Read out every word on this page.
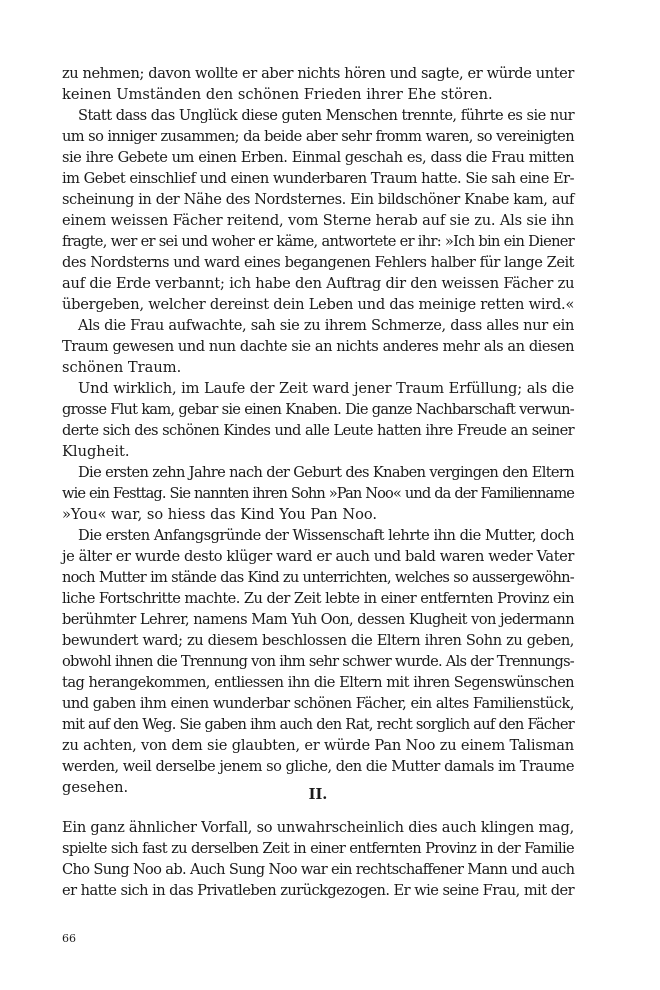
zu nehmen; davon wollte er aber nichts hören und sagte, er würde unter
keinen Umständen den schönen Frieden ihrer Ehe stören.
Statt dass das Unglück diese guten Menschen trennte, führte es sie nur
um so inniger zusammen; da beide aber sehr fromm waren, so vereinigten
sie ihre Gebete um einen Erben. Einmal geschah es, dass die Frau mitten
im Gebet einschlief und einen wunderbaren Traum hatte. Sie sah eine Er-
scheinung in der Nähe des Nordsternes. Ein bildschöner Knabe kam, auf
einem weissen Fächer reitend, vom Sterne herab auf sie zu. Als sie ihn
fragte, wer er sei und woher er käme, antwortete er ihr: »Ich bin ein Diener
des Nordsterns und ward eines begangenen Fehlers halber für lange Zeit
auf die Erde verbannt; ich habe den Auftrag dir den weissen Fächer zu
übergeben, welcher dereinst dein Leben und das meinige retten wird.«
Als die Frau aufwachte, sah sie zu ihrem Schmerze, dass alles nur ein
Traum gewesen und nun dachte sie an nichts anderes mehr als an diesen
schönen Traum.
Und wirklich, im Laufe der Zeit ward jener Traum Erfüllung; als die
grosse Flut kam, gebar sie einen Knaben. Die ganze Nachbarschaft verwun-
derte sich des schönen Kindes und alle Leute hatten ihre Freude an seiner
Klugheit.
Die ersten zehn Jahre nach der Geburt des Knaben vergingen den Eltern
wie ein Festtag. Sie nannten ihren Sohn »Pan Noo« und da der Familienname
»You« war, so hiess das Kind You Pan Noo.
Die ersten Anfangsgründe der Wissenschaft lehrte ihn die Mutter, doch
je älter er wurde desto klüger ward er auch und bald waren weder Vater
noch Mutter im stände das Kind zu unterrichten, welches so aussergewöhn-
liche Fortschritte machte. Zu der Zeit lebte in einer entfernten Provinz ein
berühmter Lehrer, namens Mam Yuh Oon, dessen Klugheit von jedermann
bewundert ward; zu diesem beschlossen die Eltern ihren Sohn zu geben,
obwohl ihnen die Trennung von ihm sehr schwer wurde. Als der Trennungs-
tag herangekommen, entliessen ihn die Eltern mit ihren Segenswünschen
und gaben ihm einen wunderbar schönen Fächer, ein altes Familienstück,
mit auf den Weg. Sie gaben ihm auch den Rat, recht sorglich auf den Fächer
zu achten, von dem sie glaubten, er würde Pan Noo zu einem Talisman
werden, weil derselbe jenem so gliche, den die Mutter damals im Traume
gesehen.	II.
Ein ganz ähnlicher Vorfall, so unwahrscheinlich dies auch klingen mag,
spielte sich fast zu derselben Zeit in einer entfernten Provinz in der Familie
Cho Sung Noo ab. Auch Sung Noo war ein rechtschaffener Mann und auch
er hatte sich in das Privatleben zurückgezogen. Er wie seine Frau, mit der
66
